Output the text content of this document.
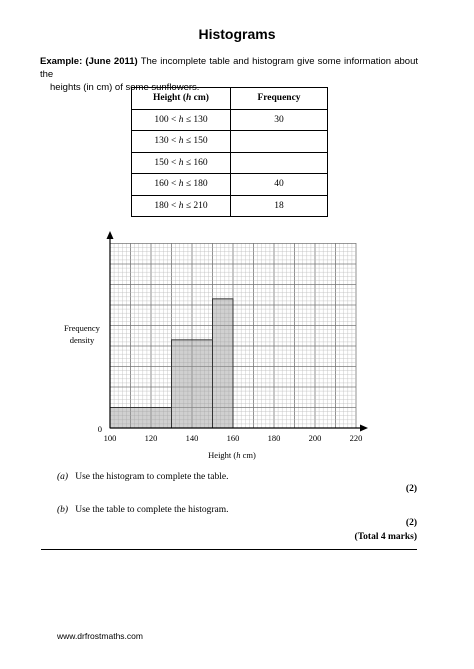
Histograms
Example: (June 2011) The incomplete table and histogram give some information about the
heights (in cm) of some sunflowers.
Height (h cm)	Frequency
100 < h ≤ 130	30
130 < h ≤ 150	
150 < h ≤ 160	
160 < h ≤ 180	40
180 < h ≤ 210	18
Frequency
density
0
Height (h cm)
100	120	140	160	180	200	220
(a) Use the histogram to complete the table.
(2)
(b) Use the table to complete the histogram.
(2)
(Total 4 marks)
www.drfrostmaths.com
